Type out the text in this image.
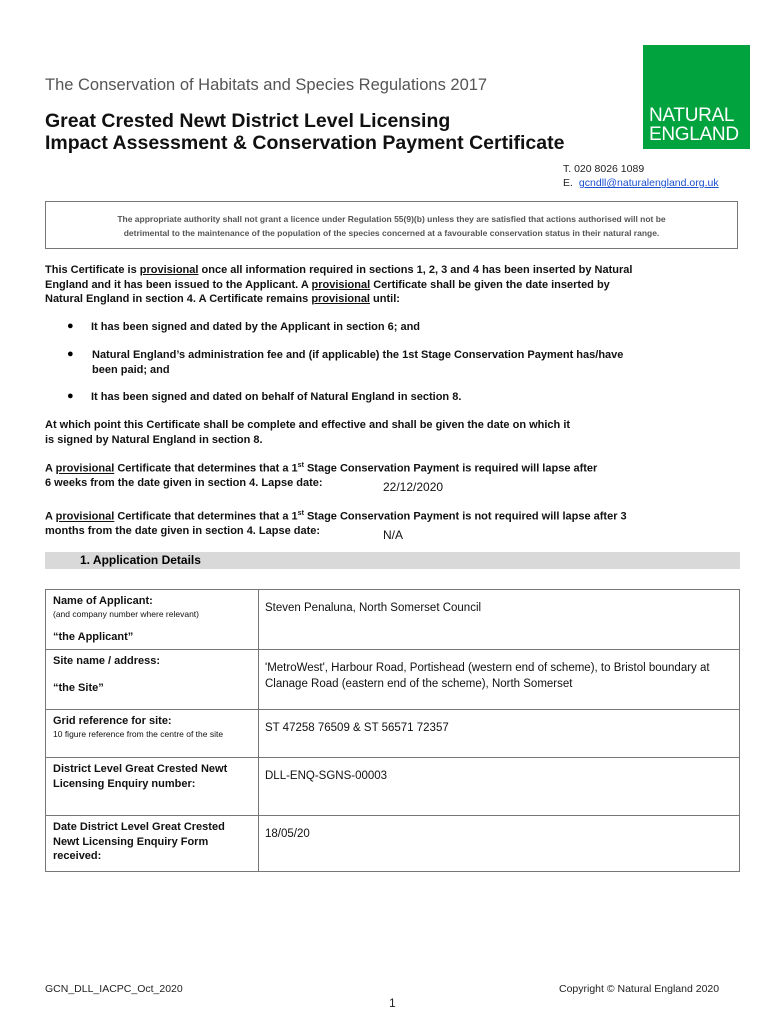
The Conservation of Habitats and Species Regulations 2017
Great Crested Newt District Level Licensing
Impact Assessment & Conservation Payment Certificate
NATURAL
ENGLAND
T. 020 8026 1089
E. gcndll@naturalengland.org.uk
The appropriate authority shall not grant a licence under Regulation 55(9)(b) unless they are satisfied that actions authorised will not be
detrimental to the maintenance of the population of the species concerned at a favourable conservation status in their natural range.
This Certificate is provisional once all information required in sections 1, 2, 3 and 4 has been inserted by Natural
England and it has been issued to the Applicant. A provisional Certificate shall be given the date inserted by
Natural England in section 4. A Certificate remains provisional until:
● It has been signed and dated by the Applicant in section 6; and
● Natural England’s administration fee and (if applicable) the 1st Stage Conservation Payment has/have
been paid; and
● It has been signed and dated on behalf of Natural England in section 8.
At which point this Certificate shall be complete and effective and shall be given the date on which it
is signed by Natural England in section 8.
A provisional Certificate that determines that a 1st Stage Conservation Payment is required will lapse after
6 weeks from the date given in section 4. Lapse date:	22/12/2020
A provisional Certificate that determines that a 1st Stage Conservation Payment is not required will lapse after 3
months from the date given in section 4. Lapse date:	N/A
1. Application Details
Name of Applicant:
(and company number where relevant)
“the Applicant”	Steven Penaluna, North Somerset Council
Site name / address:
“the Site”	'MetroWest', Harbour Road, Portishead (western end of scheme), to Bristol boundary at Clanage Road (eastern end of the scheme), North Somerset
Grid reference for site:
10 figure reference from the centre of the site	ST 47258 76509 & ST 56571 72357
District Level Great Crested Newt Licensing Enquiry number:	DLL-ENQ-SGNS-00003
Date District Level Great Crested Newt Licensing Enquiry Form received:	18/05/20
GCN_DLL_IACPC_Oct_2020	Copyright © Natural England 2020
1
